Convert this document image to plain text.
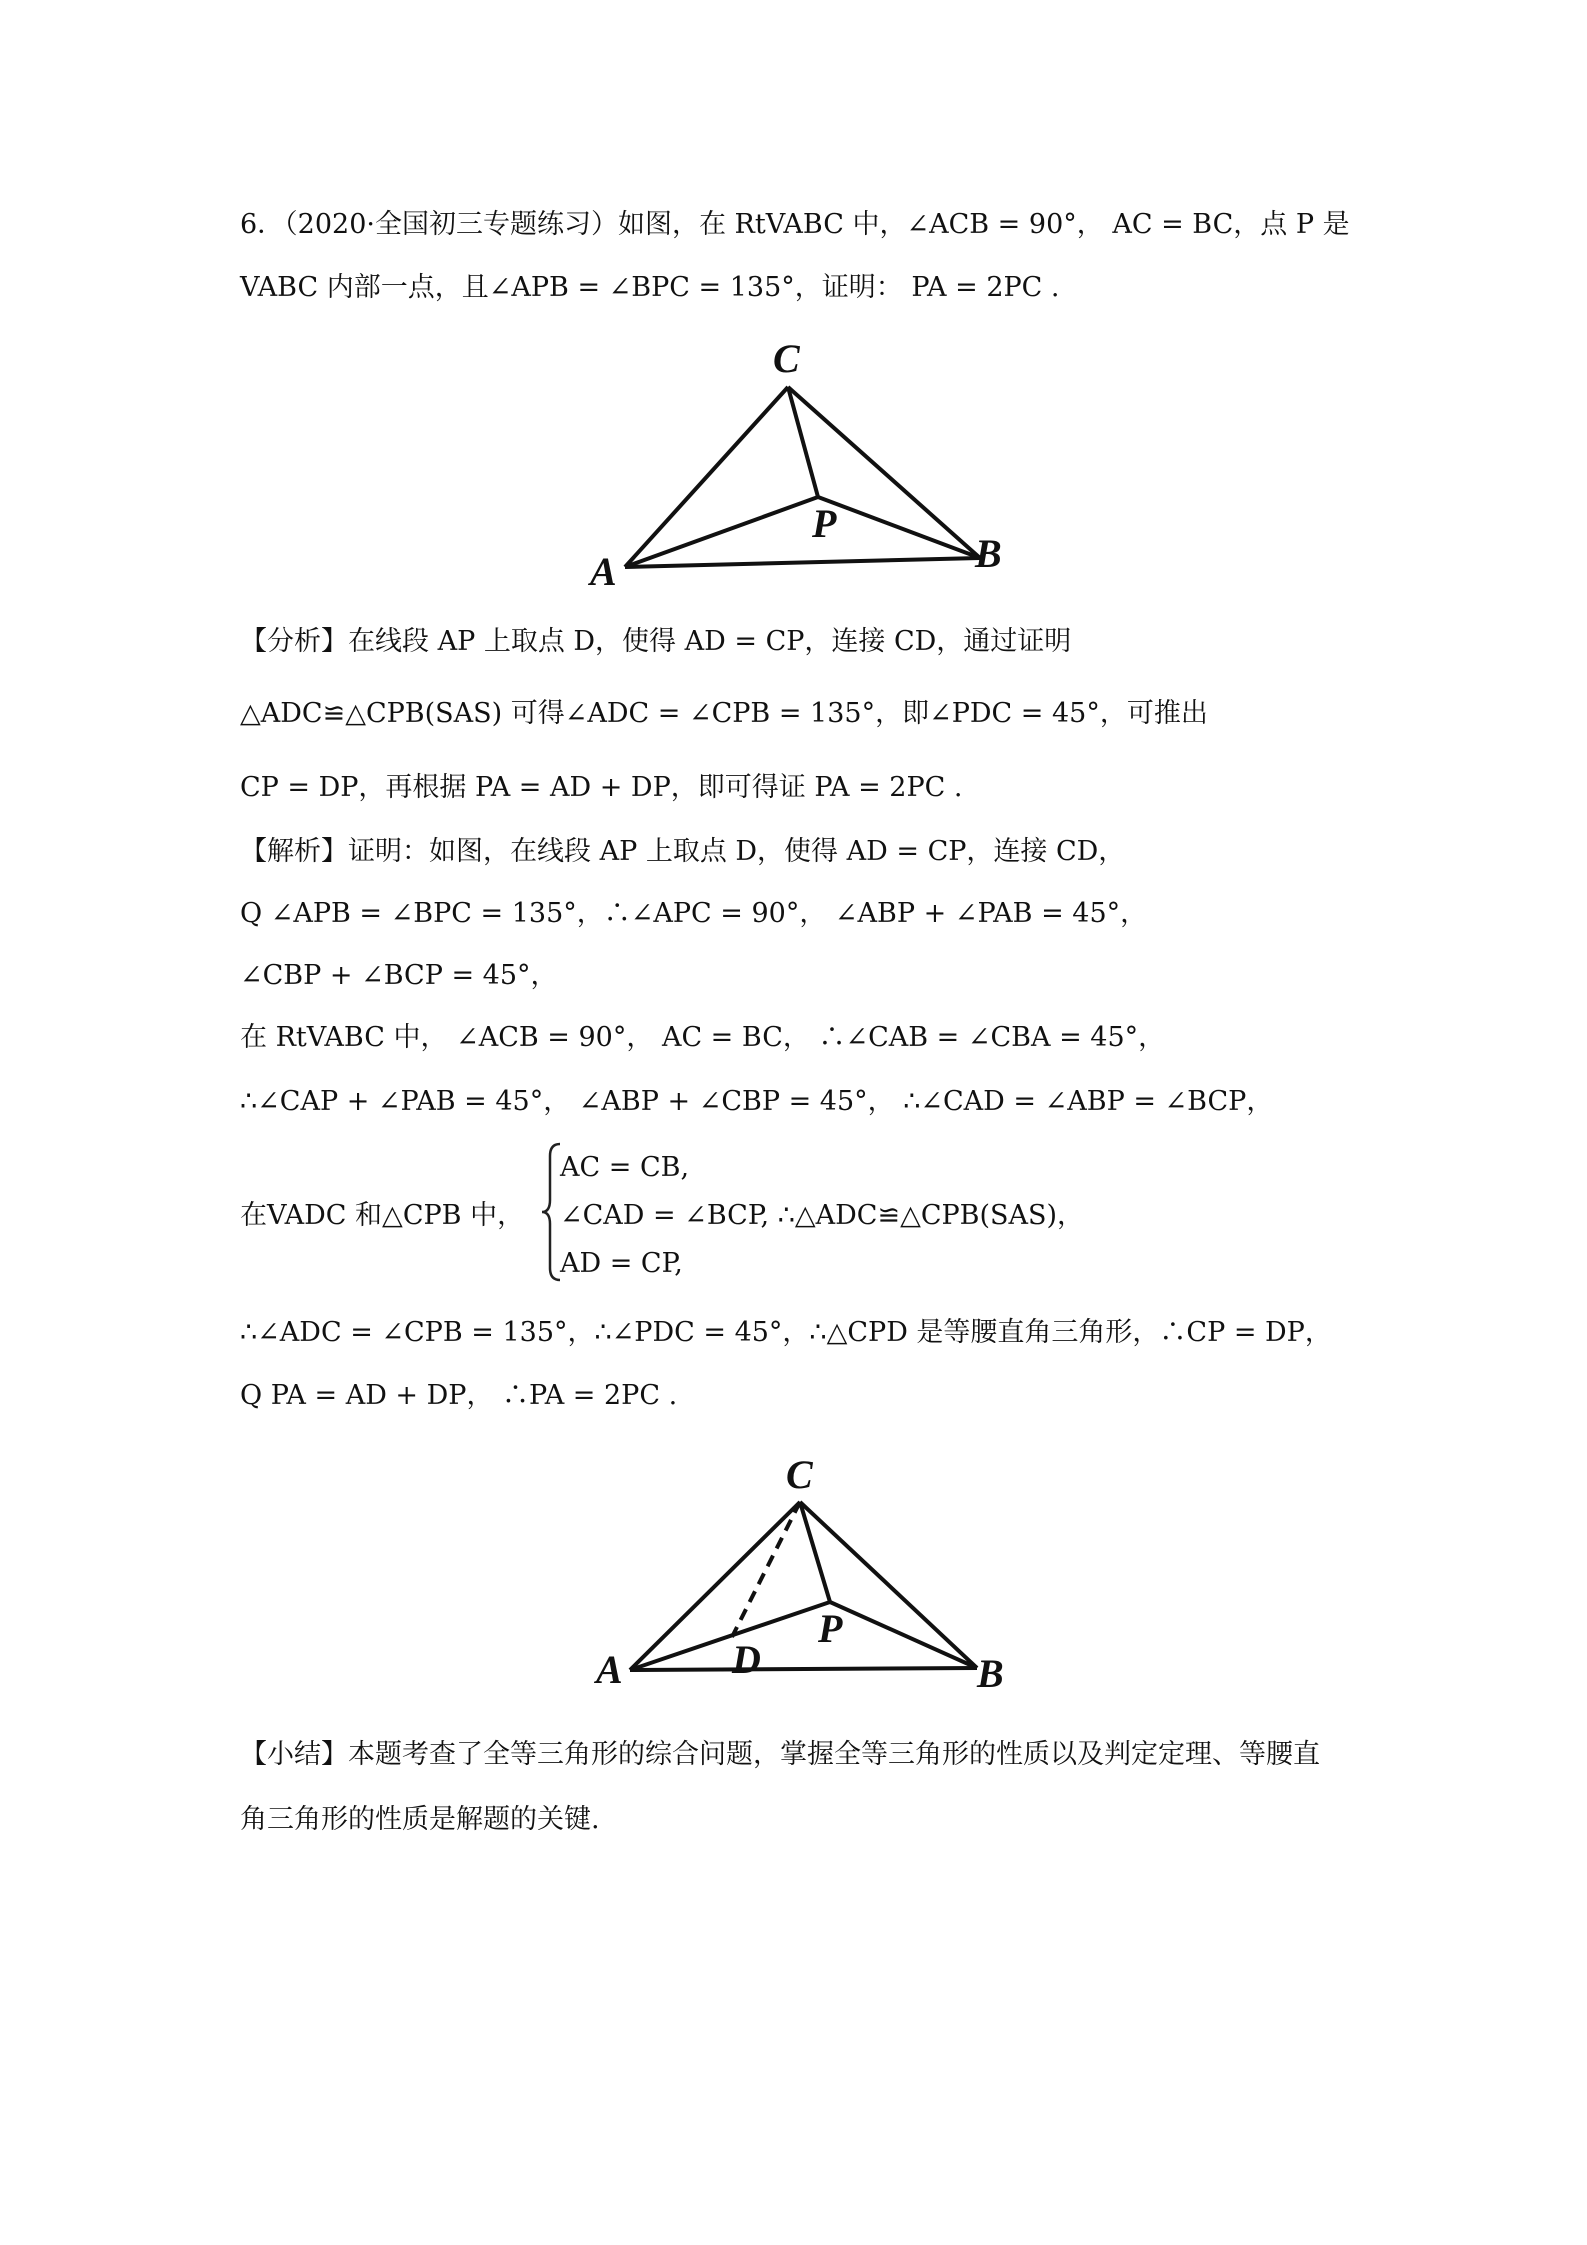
6．（2020·全国初三专题练习）如图，在 RtVABC 中，∠ACB = 90°， AC = BC，点 P 是
VABC 内部一点，且∠APB = ∠BPC = 135°，证明： PA = 2PC .
C
P
A	B
【分析】在线段 AP 上取点 D，使得 AD = CP，连接 CD，通过证明
△ADC≌△CPB(SAS) 可得∠ADC = ∠CPB = 135°，即∠PDC = 45°，可推出
CP = DP，再根据 PA = AD + DP，即可得证 PA = 2PC .
【解析】证明：如图，在线段 AP 上取点 D，使得 AD = CP，连接 CD，
Q ∠APB = ∠BPC = 135°，∴∠APC = 90°， ∠ABP + ∠PAB = 45°，
∠CBP + ∠BCP = 45°，
在 RtVABC 中， ∠ACB = 90°， AC = BC， ∴∠CAB = ∠CBA = 45°，
∴∠CAP + ∠PAB = 45°， ∠ABP + ∠CBP = 45°， ∴∠CAD = ∠ABP = ∠BCP，
在VADC 和△CPB 中，
AC = CB,
∠CAD = ∠BCP, ∴△ADC≌△CPB(SAS)，
AD = CP,
∴∠ADC = ∠CPB = 135°，∴∠PDC = 45°，∴△CPD 是等腰直角三角形，∴CP = DP，
Q PA = AD + DP， ∴PA = 2PC .
C
P
D
A	B
【小结】本题考查了全等三角形的综合问题，掌握全等三角形的性质以及判定定理、等腰直
角三角形的性质是解题的关键.
